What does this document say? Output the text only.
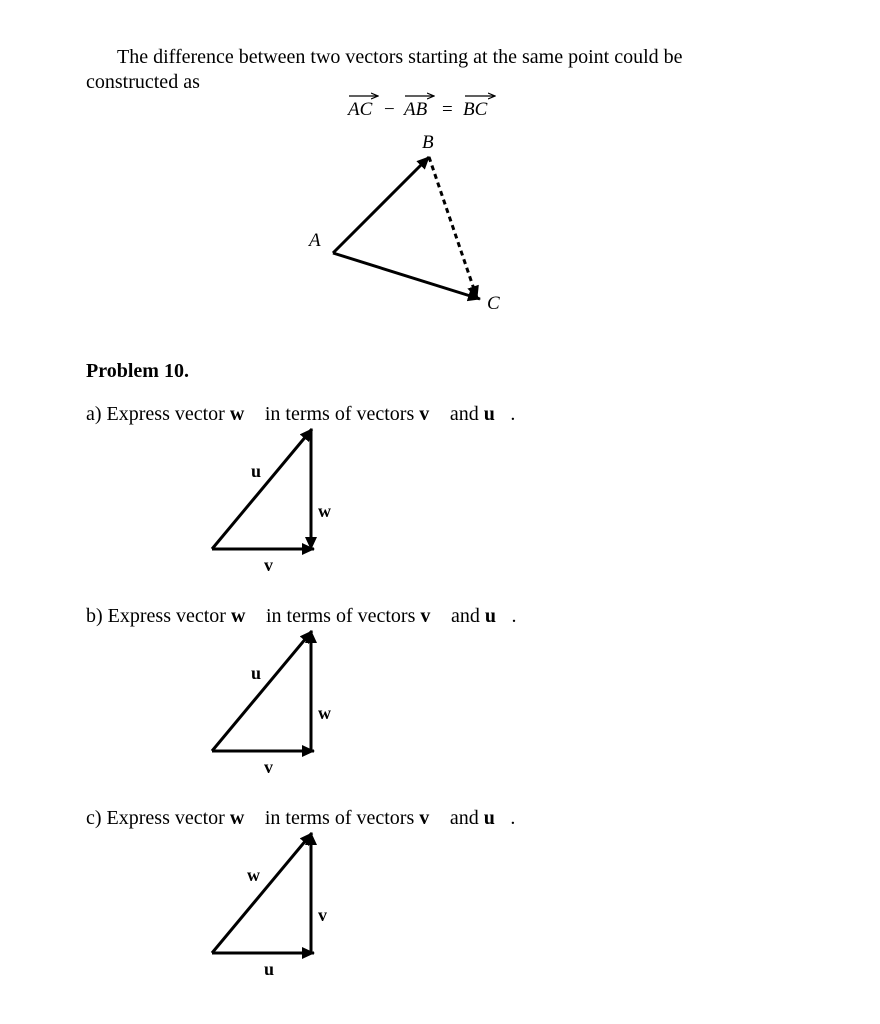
The difference between two vectors starting at the same point could be
constructed as
AC − AB = BC
A
B
C
u
w
v
u
w
v
w
v
u
Problem 10.
a) Express vector w in terms of vectors v and u.
b) Express vector w in terms of vectors v and u.
c) Express vector w in terms of vectors v and u.
